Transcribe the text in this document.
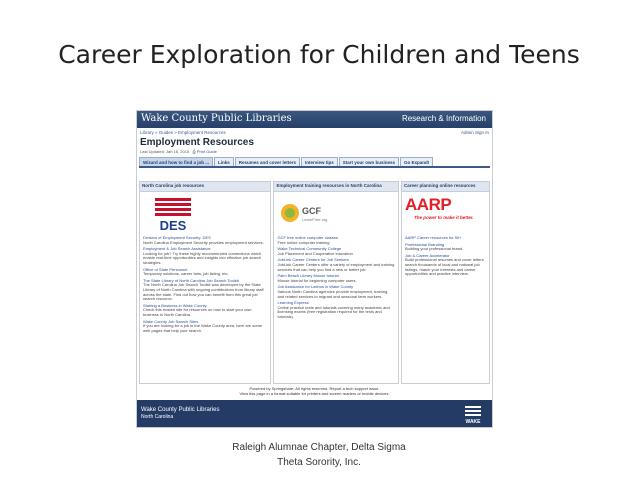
Career Exploration for Children and Teens
Wake County Public Libraries	Research & Information
Library » Guides » Employment Resources	Admin Sign In
Employment Resources
Last Updated: Jan 16, 2015 ⎙ Print Guide
Wizard and how to find a job ...	Links	Resumes and cover letters	Interview tips	Start your own business	Go Expand!
North Carolina job resources
DES
Division of Employment Security: DES
North Carolina Employment Security provides employment services.
Employment & Job Search Assistance
Looking for job? Try these highly recommended connections which enable real-time opportunities and insights into effective job search strategies.
Office of State Personnel
Temporary solutions, career fairs, job listing, etc.
The State Library of North Carolina Job Search Toolkit
The North Carolina Job Search Toolkit was developed by the State Library of North Carolina with ongoing contributions from library staff across the state. Find out how you can benefit from this great job search resource.
Starting a Business in Wake County
Check this trusted site for resources on how to start your own business in North Carolina.
Wake County Job Search Sites
If you are looking for a job in the Wake County area, here are some web pages that help your search.
Employment training resources in North Carolina
GCF
LearnFree.org
GCF free online computer classes
Free online computer training
Wake Technical Community College
Job Placement and Cooperative education
JobLink Career Centers for Job Seekers
JobLink Career Centers offer a variety of employment and training services that can help you find a new or better job.
Palm Beach Library Mouse tutorial
Mouse tutorial for beginning computer users.
Job Assistance for Latinos in Wake County
Various North Carolina agencies provide employment, training, and related services to migrant and seasonal farm workers.
Learning Express
Online practice tests and tutorials covering many academic and licensing exams (free registration required for the tests and tutorials).
Career planning online resources
AARP
The power to make it better.
AARP Career resources for 50+
Professional Branding
Building your professional brand
Job & Career Accelerator
Build professional resumes and cover letters search thousands of local and national job listings, match your interests and career opportunities and practice interview.
Powered by Springshare; All rights reserved. Report a tech support issue.
View this page in a format suitable for printers and screen readers or mobile devices.
Wake County Public Libraries
North Carolina
WAKE
Raleigh Alumnae Chapter, Delta Sigma
Theta Sorority, Inc.
